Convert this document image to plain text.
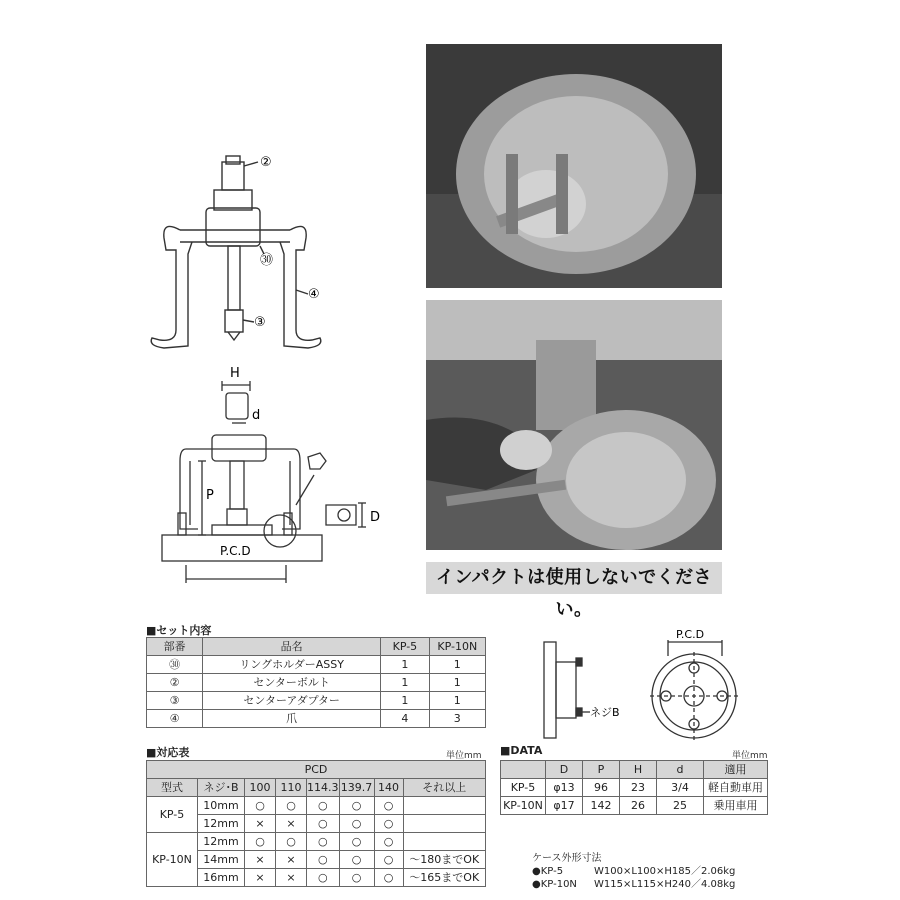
②
㉚
④
③
H
d
P
D
P.C.D
インパクトは使用しないでください。
■セット内容
部番	品名	KP-5	KP-10N
㉚	リングホルダーASSY	1	1
②	センターボルト	1	1
③	センターアダプター	1	1
④	爪	4	3	ネジB
P.C.D
■対応表	単位mm
PCD							
型式	ネジ･B	100	110	114.3	139.7	140	それ以上
KP-5	10mm	○	○	○	○	○	
	12mm	×	×	○	○	○	
KP-10N	12mm	○	○	○	○	○	
	14mm	×	×	○	○	○	～180までOK
	16mm	×	×	○	○	○	～165までOK
■DATA	単位mm
	D	P	H	d	適用
KP-5	φ13	96	23	3/4	軽自動車用
KP-10N	φ17	142	26	25	乗用車用
ケース外形寸法
●KP-5	W100×L100×H185／2.06kg
●KP-10N W115×L115×H240／4.08kg
